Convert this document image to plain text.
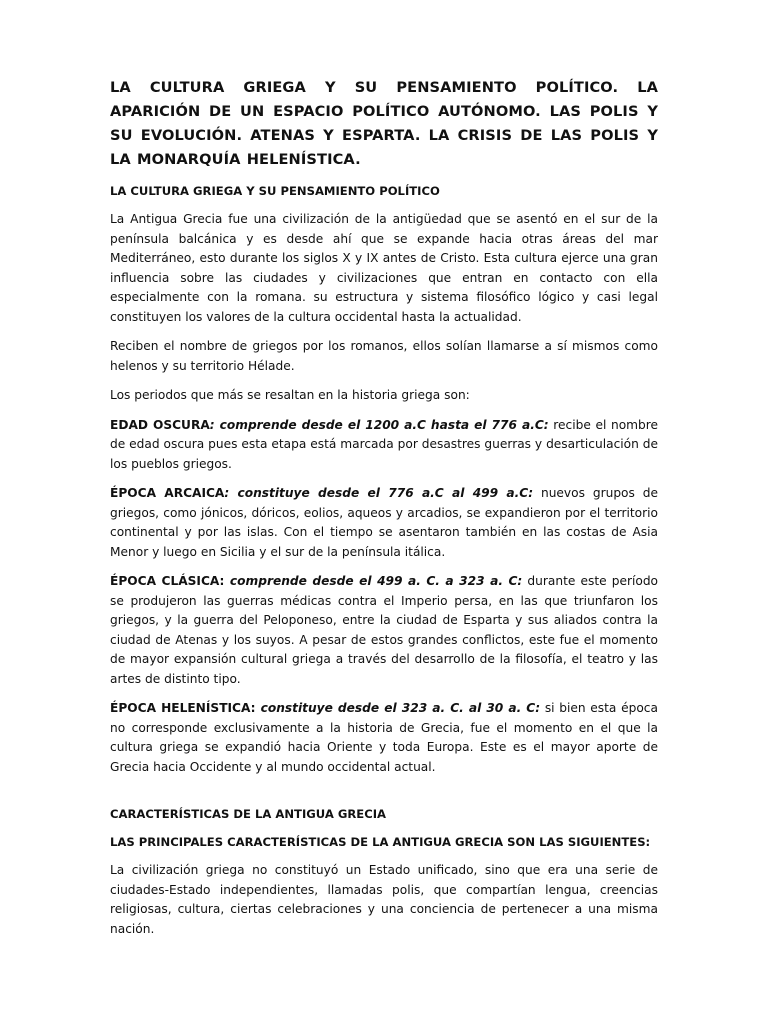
LA CULTURA GRIEGA Y SU PENSAMIENTO POLÍTICO. LA APARICIÓN DE UN ESPACIO POLÍTICO AUTÓNOMO. LAS POLIS Y SU EVOLUCIÓN. ATENAS Y ESPARTA. LA CRISIS DE LAS POLIS Y LA MONARQUÍA HELENÍSTICA.
LA CULTURA GRIEGA Y SU PENSAMIENTO POLÍTICO

La Antigua Grecia fue una civilización de la antigüedad que se asentó en el sur de la península balcánica y es desde ahí que se expande hacia otras áreas del mar Mediterráneo, esto durante los siglos X y IX antes de Cristo. Esta cultura ejerce una gran influencia sobre las ciudades y civilizaciones que entran en contacto con ella especialmente con la romana. su estructura y sistema filosófico lógico y casi legal constituyen los valores de la cultura occidental hasta la actualidad.

Reciben el nombre de griegos por los romanos, ellos solían llamarse a sí mismos como helenos y su territorio Hélade.

Los periodos que más se resaltan en la historia griega son:

EDAD OSCURA: comprende desde el 1200 a.C hasta el 776 a.C: recibe el nombre de edad oscura pues esta etapa está marcada por desastres guerras y desarticulación de los pueblos griegos.

ÉPOCA ARCAICA: constituye desde el 776 a.C al 499 a.C: nuevos grupos de griegos, como jónicos, dóricos, eolios, aqueos y arcadios, se expandieron por el territorio continental y por las islas. Con el tiempo se asentaron también en las costas de Asia Menor y luego en Sicilia y el sur de la península itálica.

ÉPOCA CLÁSICA: comprende desde el 499 a. C. a 323 a. C: durante este período se produjeron las guerras médicas contra el Imperio persa, en las que triunfaron los griegos, y la guerra del Peloponeso, entre la ciudad de Esparta y sus aliados contra la ciudad de Atenas y los suyos. A pesar de estos grandes conflictos, este fue el momento de mayor expansión cultural griega a través del desarrollo de la filosofía, el teatro y las artes de distinto tipo.

ÉPOCA HELENÍSTICA: constituye desde el 323 a. C. al 30 a. C: si bien esta época no corresponde exclusivamente a la historia de Grecia, fue el momento en el que la cultura griega se expandió hacia Oriente y toda Europa. Este es el mayor aporte de Grecia hacia Occidente y al mundo occidental actual.

CARACTERÍSTICAS DE LA ANTIGUA GRECIA
LAS PRINCIPALES CARACTERÍSTICAS DE LA ANTIGUA GRECIA SON LAS SIGUIENTES:

La civilización griega no constituyó un Estado unificado, sino que era una serie de ciudades-Estado independientes, llamadas polis, que compartían lengua, creencias religiosas, cultura, ciertas celebraciones y una conciencia de pertenecer a una misma nación.
